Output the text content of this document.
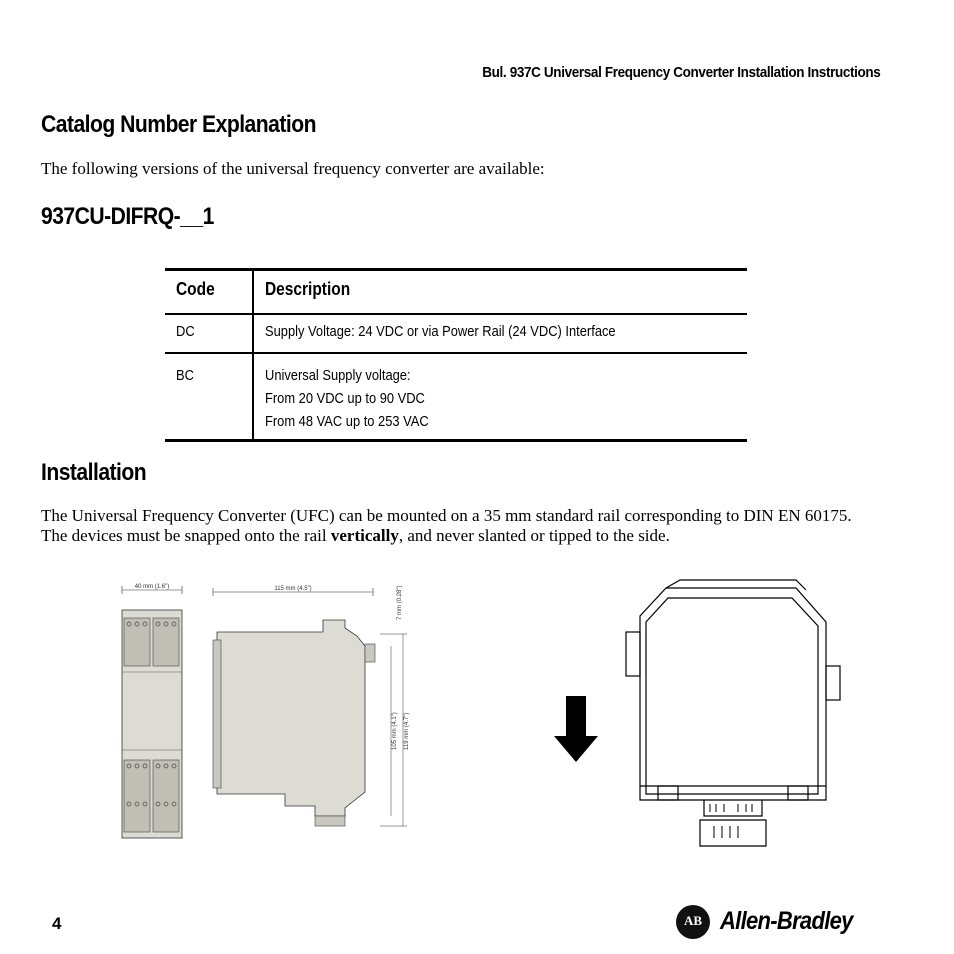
Bul. 937C Universal Frequency Converter Installation Instructions
Catalog Number Explanation

The following versions of the universal frequency converter are available:

937CU-DIFRQ-__1
Code	Description
DC	Supply Voltage: 24 VDC or via Power Rail (24 VDC) Interface
BC	Universal Supply voltage:
From 20 VDC up to 90 VDC
From 48 VAC up to 253 VAC
Installation

The Universal Frequency Converter (UFC) can be mounted on a 35 mm standard rail corresponding to DIN EN 60175. The devices must be snapped onto the rail vertically, and never slanted or tipped to the side.

40 mm (1.6")	115 mm (4.5")	7 mm (0.28")
105 mm (4.1") 119 mm (4.7")
4	AB Allen-Bradley
